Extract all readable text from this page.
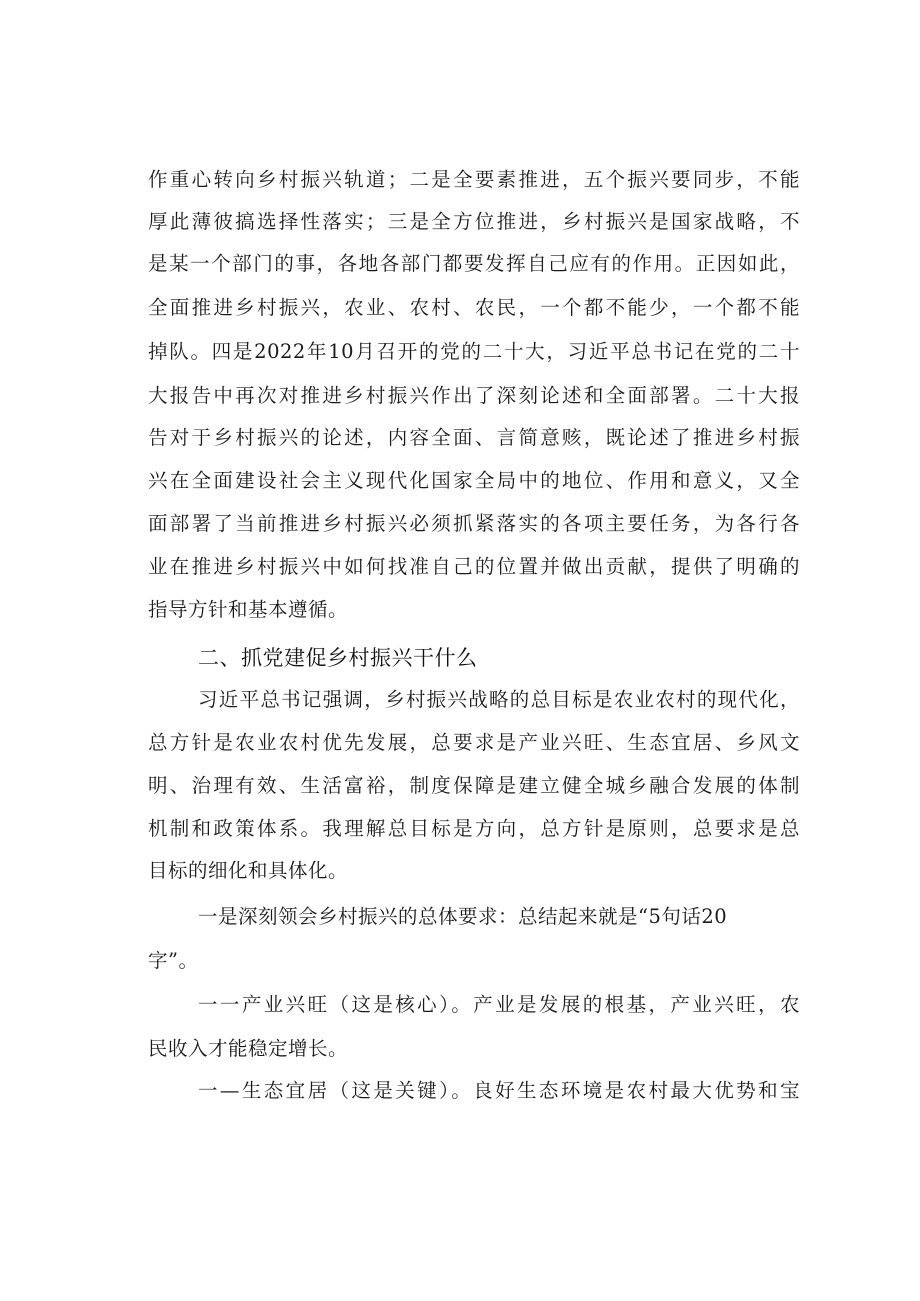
作重心转向乡村振兴轨道；二是全要素推进，五个振兴要同步，不能
厚此薄彼搞选择性落实；三是全方位推进，乡村振兴是国家战略，不
是某一个部门的事，各地各部门都要发挥自己应有的作用。正因如此，
全面推进乡村振兴，农业、农村、农民，一个都不能少，一个都不能
掉队。四是2022年10月召开的党的二十大，习近平总书记在党的二十
大报告中再次对推进乡村振兴作出了深刻论述和全面部署。二十大报
告对于乡村振兴的论述，内容全面、言简意赅，既论述了推进乡村振
兴在全面建设社会主义现代化国家全局中的地位、作用和意义，又全
面部署了当前推进乡村振兴必须抓紧落实的各项主要任务，为各行各
业在推进乡村振兴中如何找准自己的位置并做出贡献，提供了明确的
指导方针和基本遵循。
二、抓党建促乡村振兴干什么
习近平总书记强调，乡村振兴战略的总目标是农业农村的现代化，
总方针是农业农村优先发展，总要求是产业兴旺、生态宜居、乡风文
明、治理有效、生活富裕，制度保障是建立健全城乡融合发展的体制
机制和政策体系。我理解总目标是方向，总方针是原则，总要求是总
目标的细化和具体化。
一是深刻领会乡村振兴的总体要求：总结起来就是“5句话20
字”。
一一产业兴旺（这是核心）。产业是发展的根基，产业兴旺，农
民收入才能稳定增长。
一—生态宜居（这是关键）。良好生态环境是农村最大优势和宝
